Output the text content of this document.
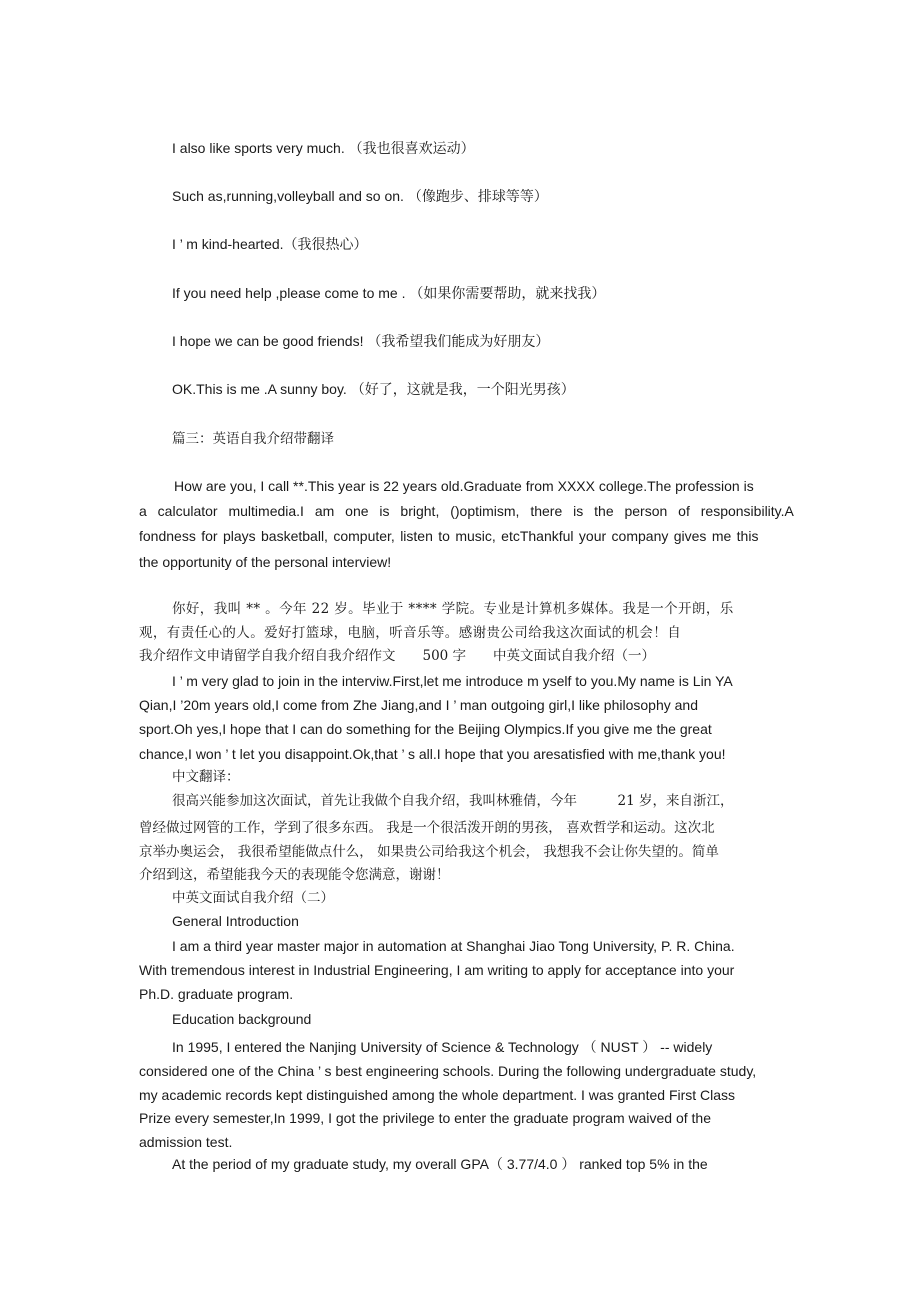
I also like sports very much. （我也很喜欢运动）
Such as,running,volleyball and so on. （像跑步、排球等等）
I ’ m kind-hearted.（我很热心）
If you need help ,please come to me . （如果你需要帮助，就来找我）
I hope we can be good friends! （我希望我们能成为好朋友）
OK.This is me .A sunny boy. （好了，这就是我，一个阳光男孩）
篇三：英语自我介绍带翻译
How are you, I call **.This year is 22 years old.Graduate from XXXX college.The profession is
a calculator multimedia.I am one is bright, ()optimism, there is the person of responsibility.A
fondness for plays basketball, computer, listen to music, etcThankful your company gives me this
the opportunity of the personal interview!
你好，我叫 ** 。今年 22 岁。毕业于 **** 学院。专业是计算机多媒体。我是一个开朗，乐
观，有责任心的人。爱好打篮球，电脑，听音乐等。感谢贵公司给我这次面试的机会！自
我介绍作文申请留学自我介绍自我介绍作文　　500 字　　中英文面试自我介绍（一）
I ’ m very glad to join in the interviw.First,let me introduce m yself to you.My name is Lin YA
Qian,I ’20m years old,I come from Zhe Jiang,and I ’ man outgoing girl,I like philosophy and
sport.Oh yes,I hope that I can do something for the Beijing Olympics.If you give me the great
chance,I won ’ t let you disappoint.Ok,that ’ s all.I hope that you aresatisfied with me,thank you!
中文翻译：
很高兴能参加这次面试，首先让我做个自我介绍，我叫林雅倩，今年　　　21 岁，来自浙江，
曾经做过网管的工作，学到了很多东西。 我是一个很活泼开朗的男孩， 喜欢哲学和运动。这次北
京举办奥运会， 我很希望能做点什么， 如果贵公司给我这个机会， 我想我不会让你失望的。简单
介绍到这，希望能我今天的表现能令您满意，谢谢！
中英文面试自我介绍（二）
General Introduction
I am a third year master major in automation at Shanghai Jiao Tong University, P. R. China.
With tremendous interest in Industrial Engineering, I am writing to apply for acceptance into your
Ph.D. graduate program.
Education background
In 1995, I entered the Nanjing University of Science & Technology （ NUST ） -- widely
considered one of the China ’ s best engineering schools. During the following undergraduate study,
my academic records kept distinguished among the whole department. I was granted First Class
Prize every semester,In 1999, I got the privilege to enter the graduate program waived of the
admission test.
At the period of my graduate study, my overall GPA（ 3.77/4.0 ） ranked top 5% in the
